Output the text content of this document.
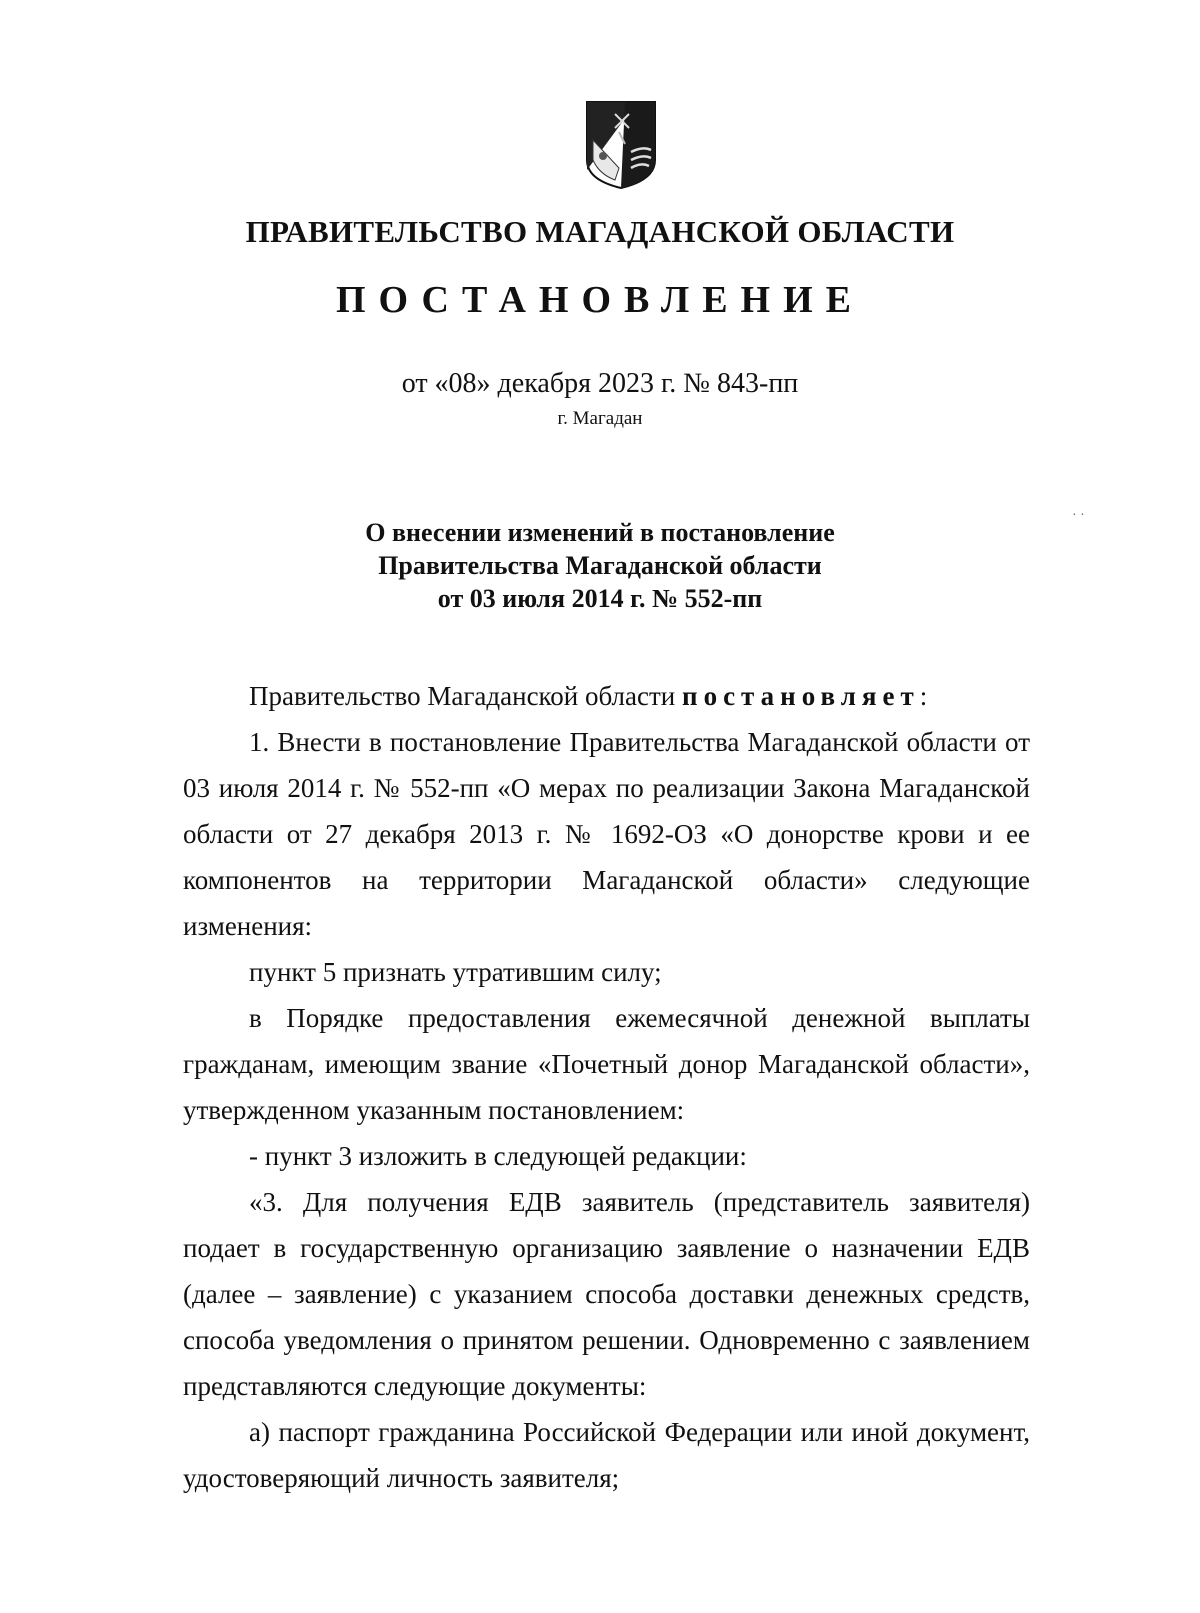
ПРАВИТЕЛЬСТВО МАГАДАНСКОЙ ОБЛАСТИ
ПОСТАНОВЛЕНИЕ
от «08» декабря 2023 г. № 843-пп
г. Магадан
О внесении изменений в постановление
Правительства Магаданской области
от 03 июля 2014 г. № 552-пп
· ·

Правительство Магаданской области постановляет:

1. Внести в постановление Правительства Магаданской области от 03 июля 2014 г. № 552-пп «О мерах по реализации Закона Магаданской области от 27 декабря 2013 г. № 1692-ОЗ «О донорстве крови и ее компонентов на территории Магаданской области» следующие изменения:

пункт 5 признать утратившим силу;

в Порядке предоставления ежемесячной денежной выплаты гражданам, имеющим звание «Почетный донор Магаданской области», утвержденном указанным постановлением:

- пункт 3 изложить в следующей редакции:

«3. Для получения ЕДВ заявитель (представитель заявителя) подает в государственную организацию заявление о назначении ЕДВ (далее – заявление) с указанием способа доставки денежных средств, способа уведомления о принятом решении. Одновременно с заявлением представляются следующие документы:

а) паспорт гражданина Российской Федерации или иной документ, удостоверяющий личность заявителя;
